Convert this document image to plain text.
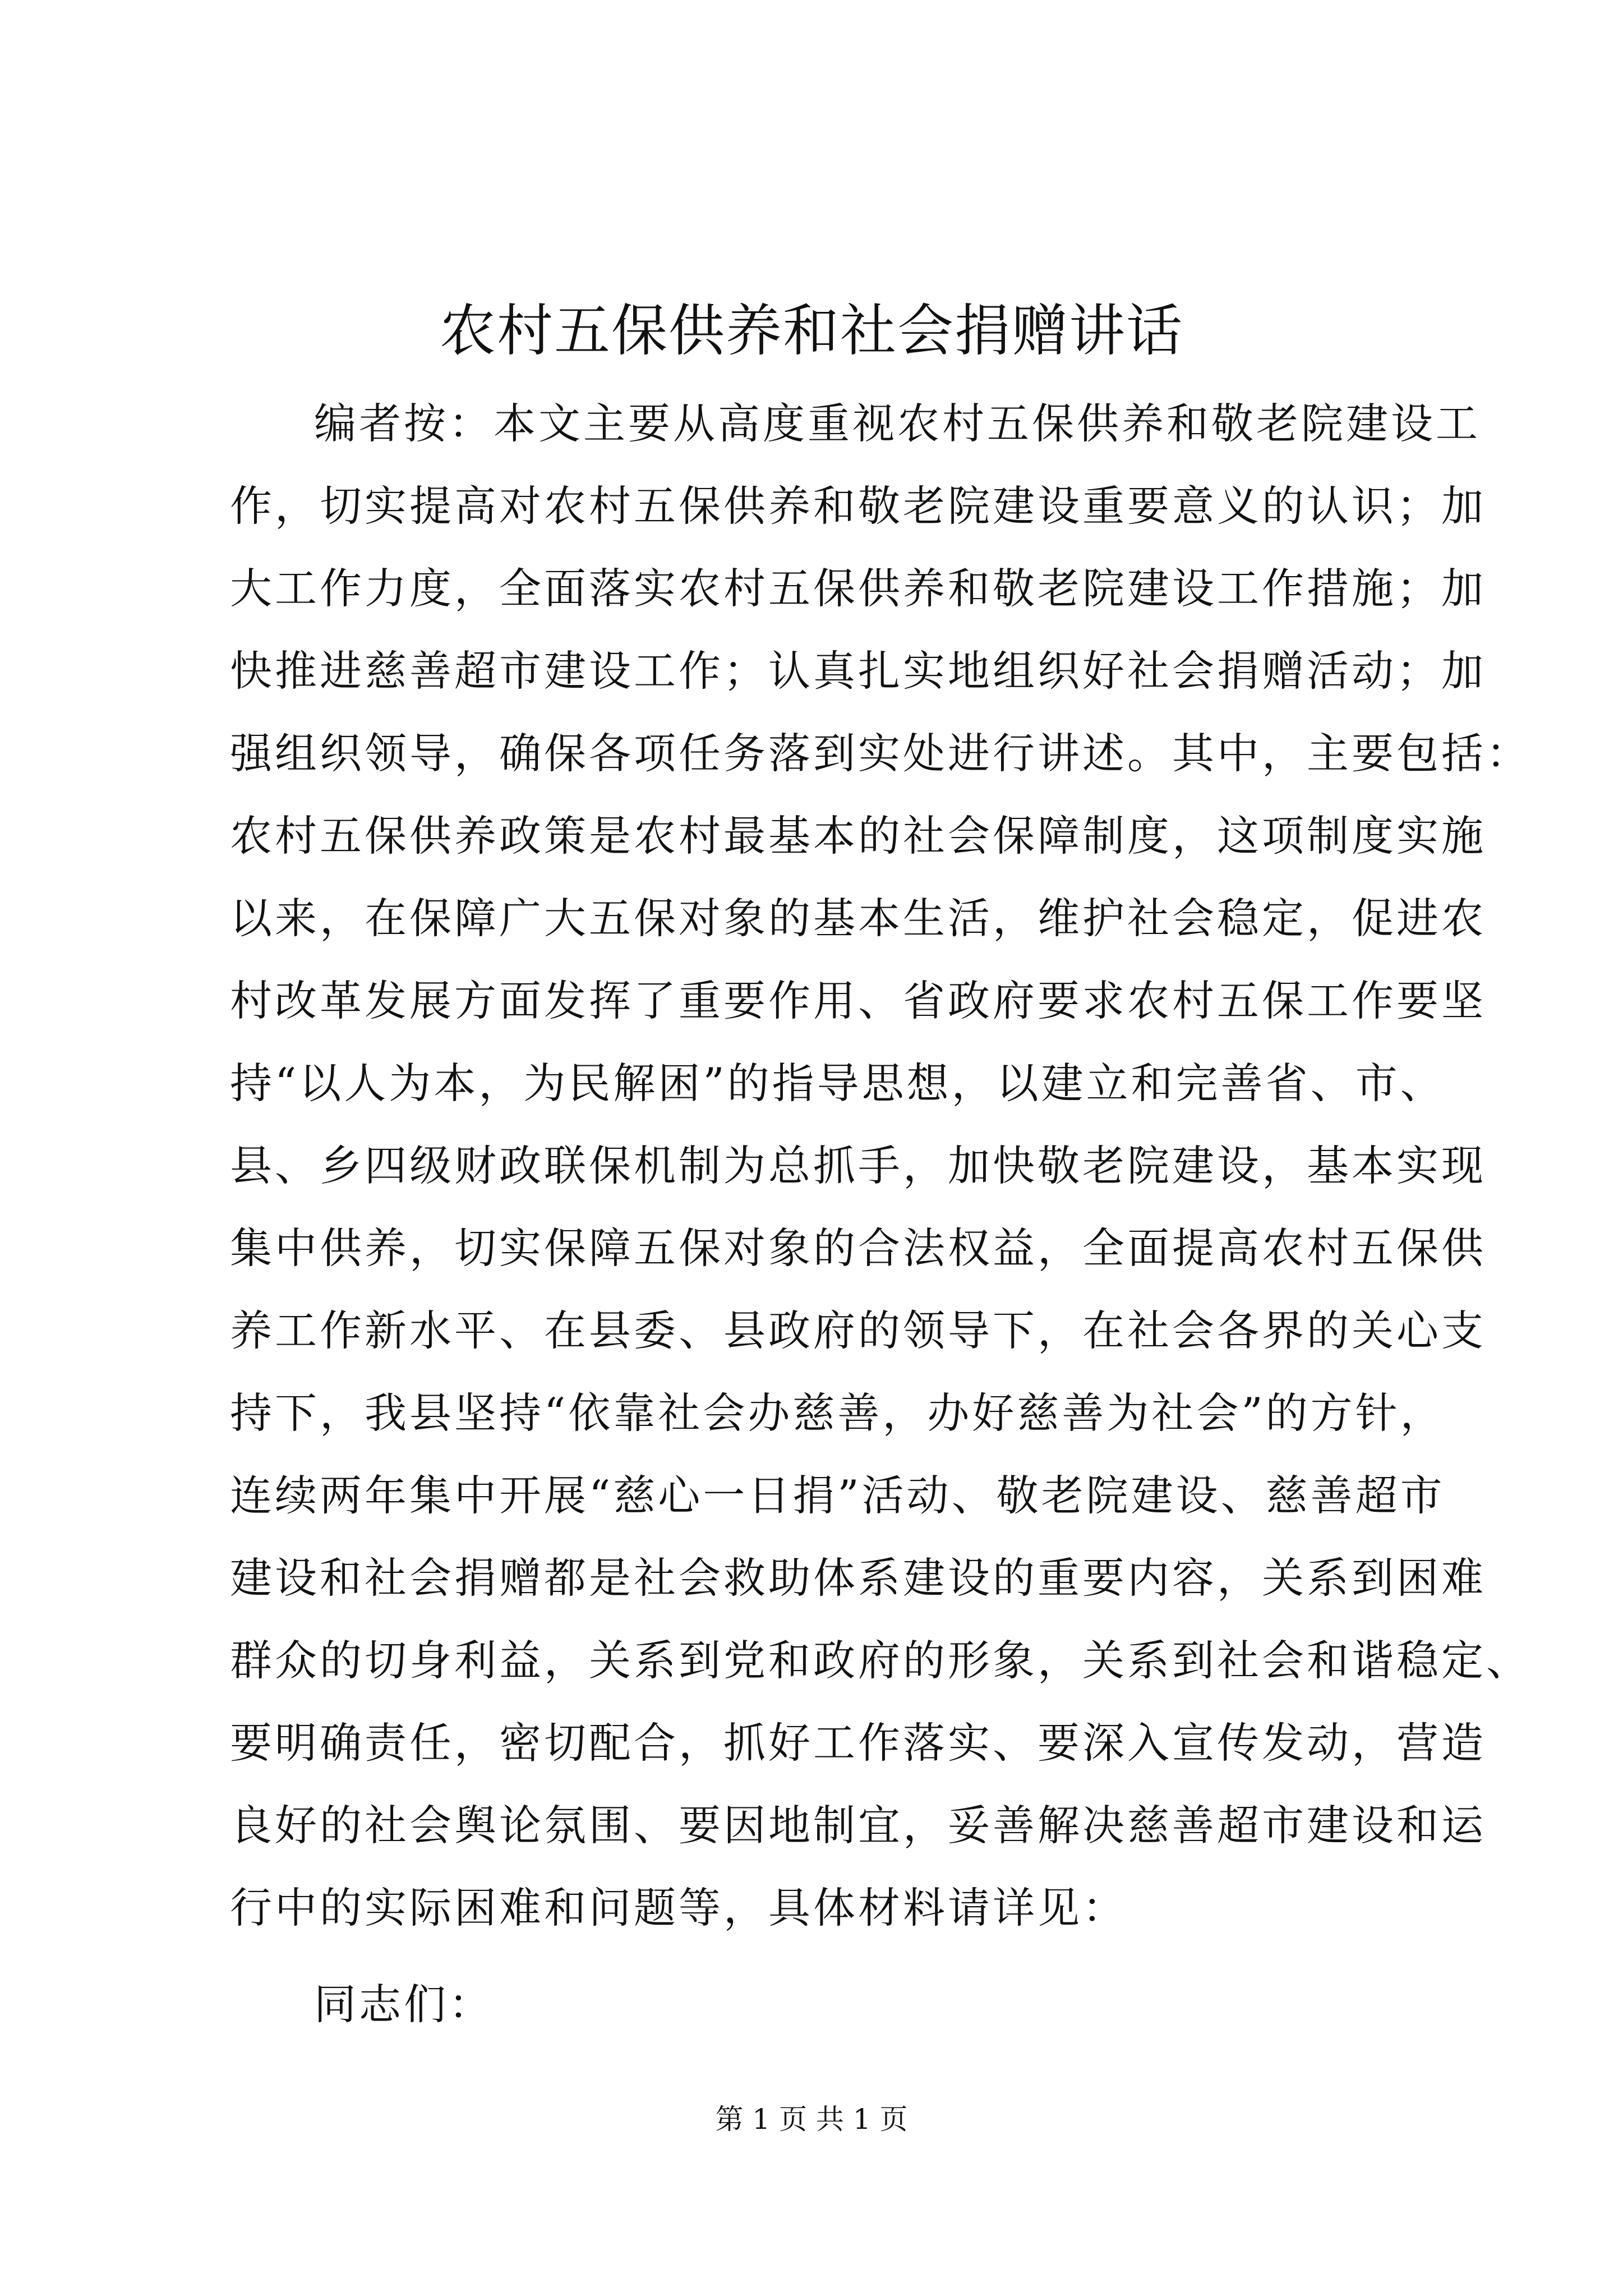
农村五保供养和社会捐赠讲话
编者按：本文主要从高度重视农村五保供养和敬老院建设工
作，切实提高对农村五保供养和敬老院建设重要意义的认识；加
大工作力度，全面落实农村五保供养和敬老院建设工作措施；加
快推进慈善超市建设工作；认真扎实地组织好社会捐赠活动；加
强组织领导，确保各项任务落到实处进行讲述。其中，主要包括：
农村五保供养政策是农村最基本的社会保障制度，这项制度实施
以来，在保障广大五保对象的基本生活，维护社会稳定，促进农
村改革发展方面发挥了重要作用、省政府要求农村五保工作要坚
持“以人为本，为民解困”的指导思想，以建立和完善省、市、
县、乡四级财政联保机制为总抓手，加快敬老院建设，基本实现
集中供养，切实保障五保对象的合法权益，全面提高农村五保供
养工作新水平、在县委、县政府的领导下，在社会各界的关心支
持下，我县坚持“依靠社会办慈善，办好慈善为社会”的方针，
连续两年集中开展“慈心一日捐”活动、敬老院建设、慈善超市
建设和社会捐赠都是社会救助体系建设的重要内容，关系到困难
群众的切身利益，关系到党和政府的形象，关系到社会和谐稳定、
要明确责任，密切配合，抓好工作落实、要深入宣传发动，营造
良好的社会舆论氛围、要因地制宜，妥善解决慈善超市建设和运
行中的实际困难和问题等，具体材料请详见：

同志们：

第 1 页 共 1 页
